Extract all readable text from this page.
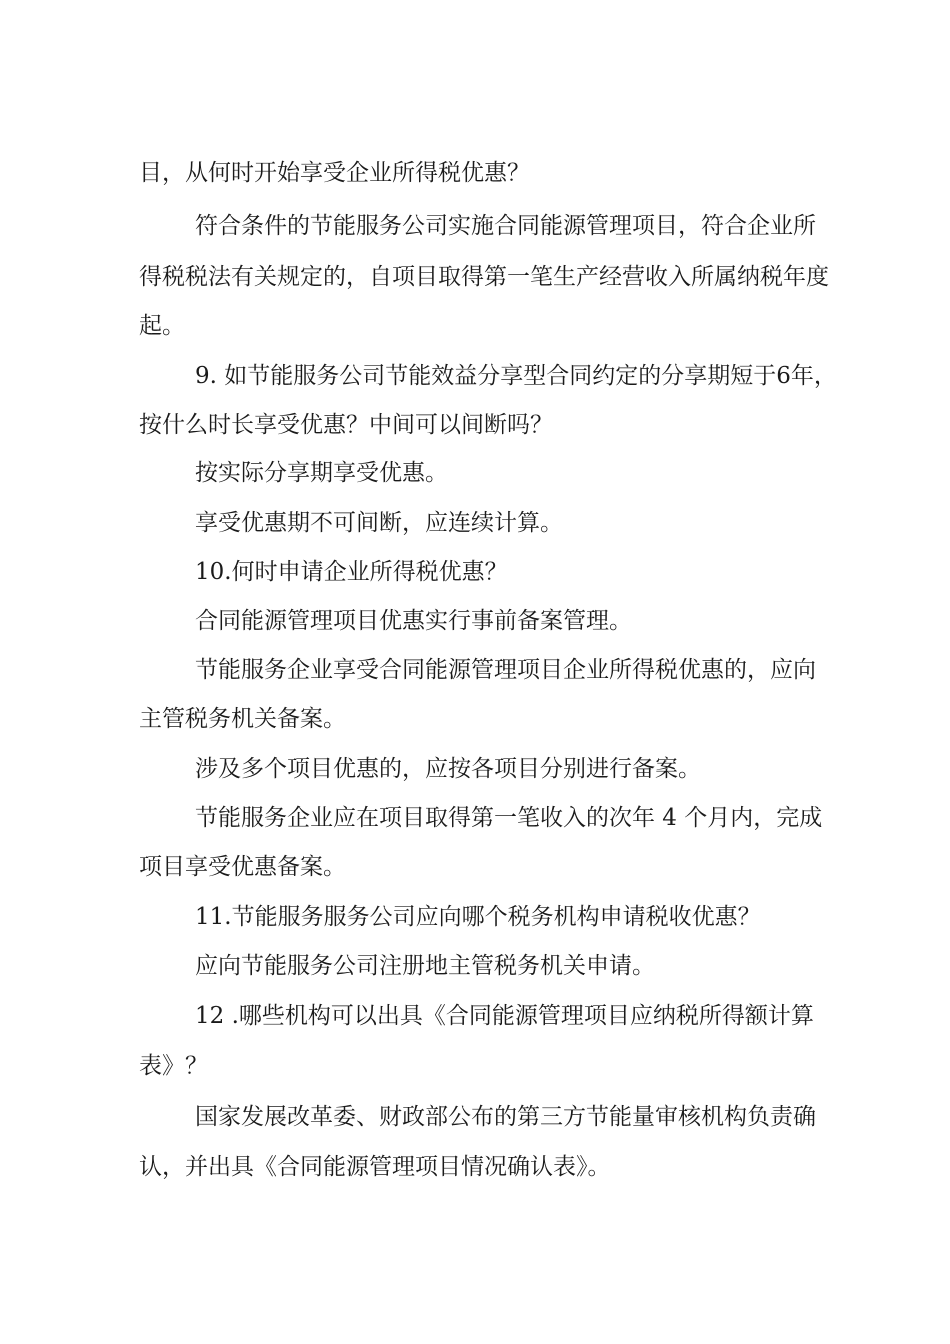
目，从何时开始享受企业所得税优惠？

符合条件的节能服务公司实施合同能源管理项目，符合企业所

得税税法有关规定的，自项目取得第一笔生产经营收入所属纳税年度

起。

9. 如节能服务公司节能效益分享型合同约定的分享期短于6年，

按什么时长享受优惠？中间可以间断吗？

按实际分享期享受优惠。

享受优惠期不可间断，应连续计算。

10.何时申请企业所得税优惠？

合同能源管理项目优惠实行事前备案管理。

节能服务企业享受合同能源管理项目企业所得税优惠的，应向

主管税务机关备案。

涉及多个项目优惠的，应按各项目分别进行备案。

节能服务企业应在项目取得第一笔收入的次年 4 个月内，完成

项目享受优惠备案。

11.节能服务服务公司应向哪个税务机构申请税收优惠？

应向节能服务公司注册地主管税务机关申请。

12 .哪些机构可以出具《合同能源管理项目应纳税所得额计算

表》？

国家发展改革委、财政部公布的第三方节能量审核机构负责确

认，并出具《合同能源管理项目情况确认表》。
